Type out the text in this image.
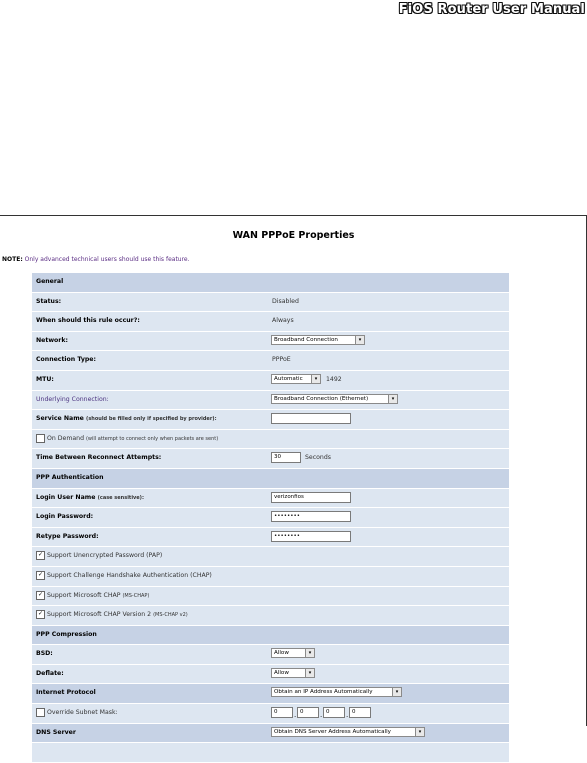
FiOS Router User Manual
WAN PPPoE Properties
NOTE: Only advanced technical users should use this feature.
General
Status:	Disabled
When should this rule occur?:	Always
Network:	Broadband Connection	▾
Connection Type:	PPPoE
MTU:	Automatic	▾	1492
Underlying Connection:	Broadband Connection (Ethernet)	▾
Service Name (should be filled only if specified by provider):
On Demand (will attempt to connect only when packets are sent)
Time Between Reconnect Attempts:	30	Seconds
PPP Authentication
Login User Name (case sensitive):	verizonfios
Login Password:	••••••••
Retype Password:	••••••••
✓ Support Unencrypted Password (PAP)
✓ Support Challenge Handshake Authentication (CHAP)
✓ Support Microsoft CHAP (MS-CHAP)
✓ Support Microsoft CHAP Version 2 (MS-CHAP v2)
PPP Compression
BSD:	Allow	▾
Deflate:	Allow	▾
Internet Protocol	Obtain an IP Address Automatically	▾
Override Subnet Mask:	0	. 0	. 0	. 0
DNS Server	Obtain DNS Server Address Automatically	▾
